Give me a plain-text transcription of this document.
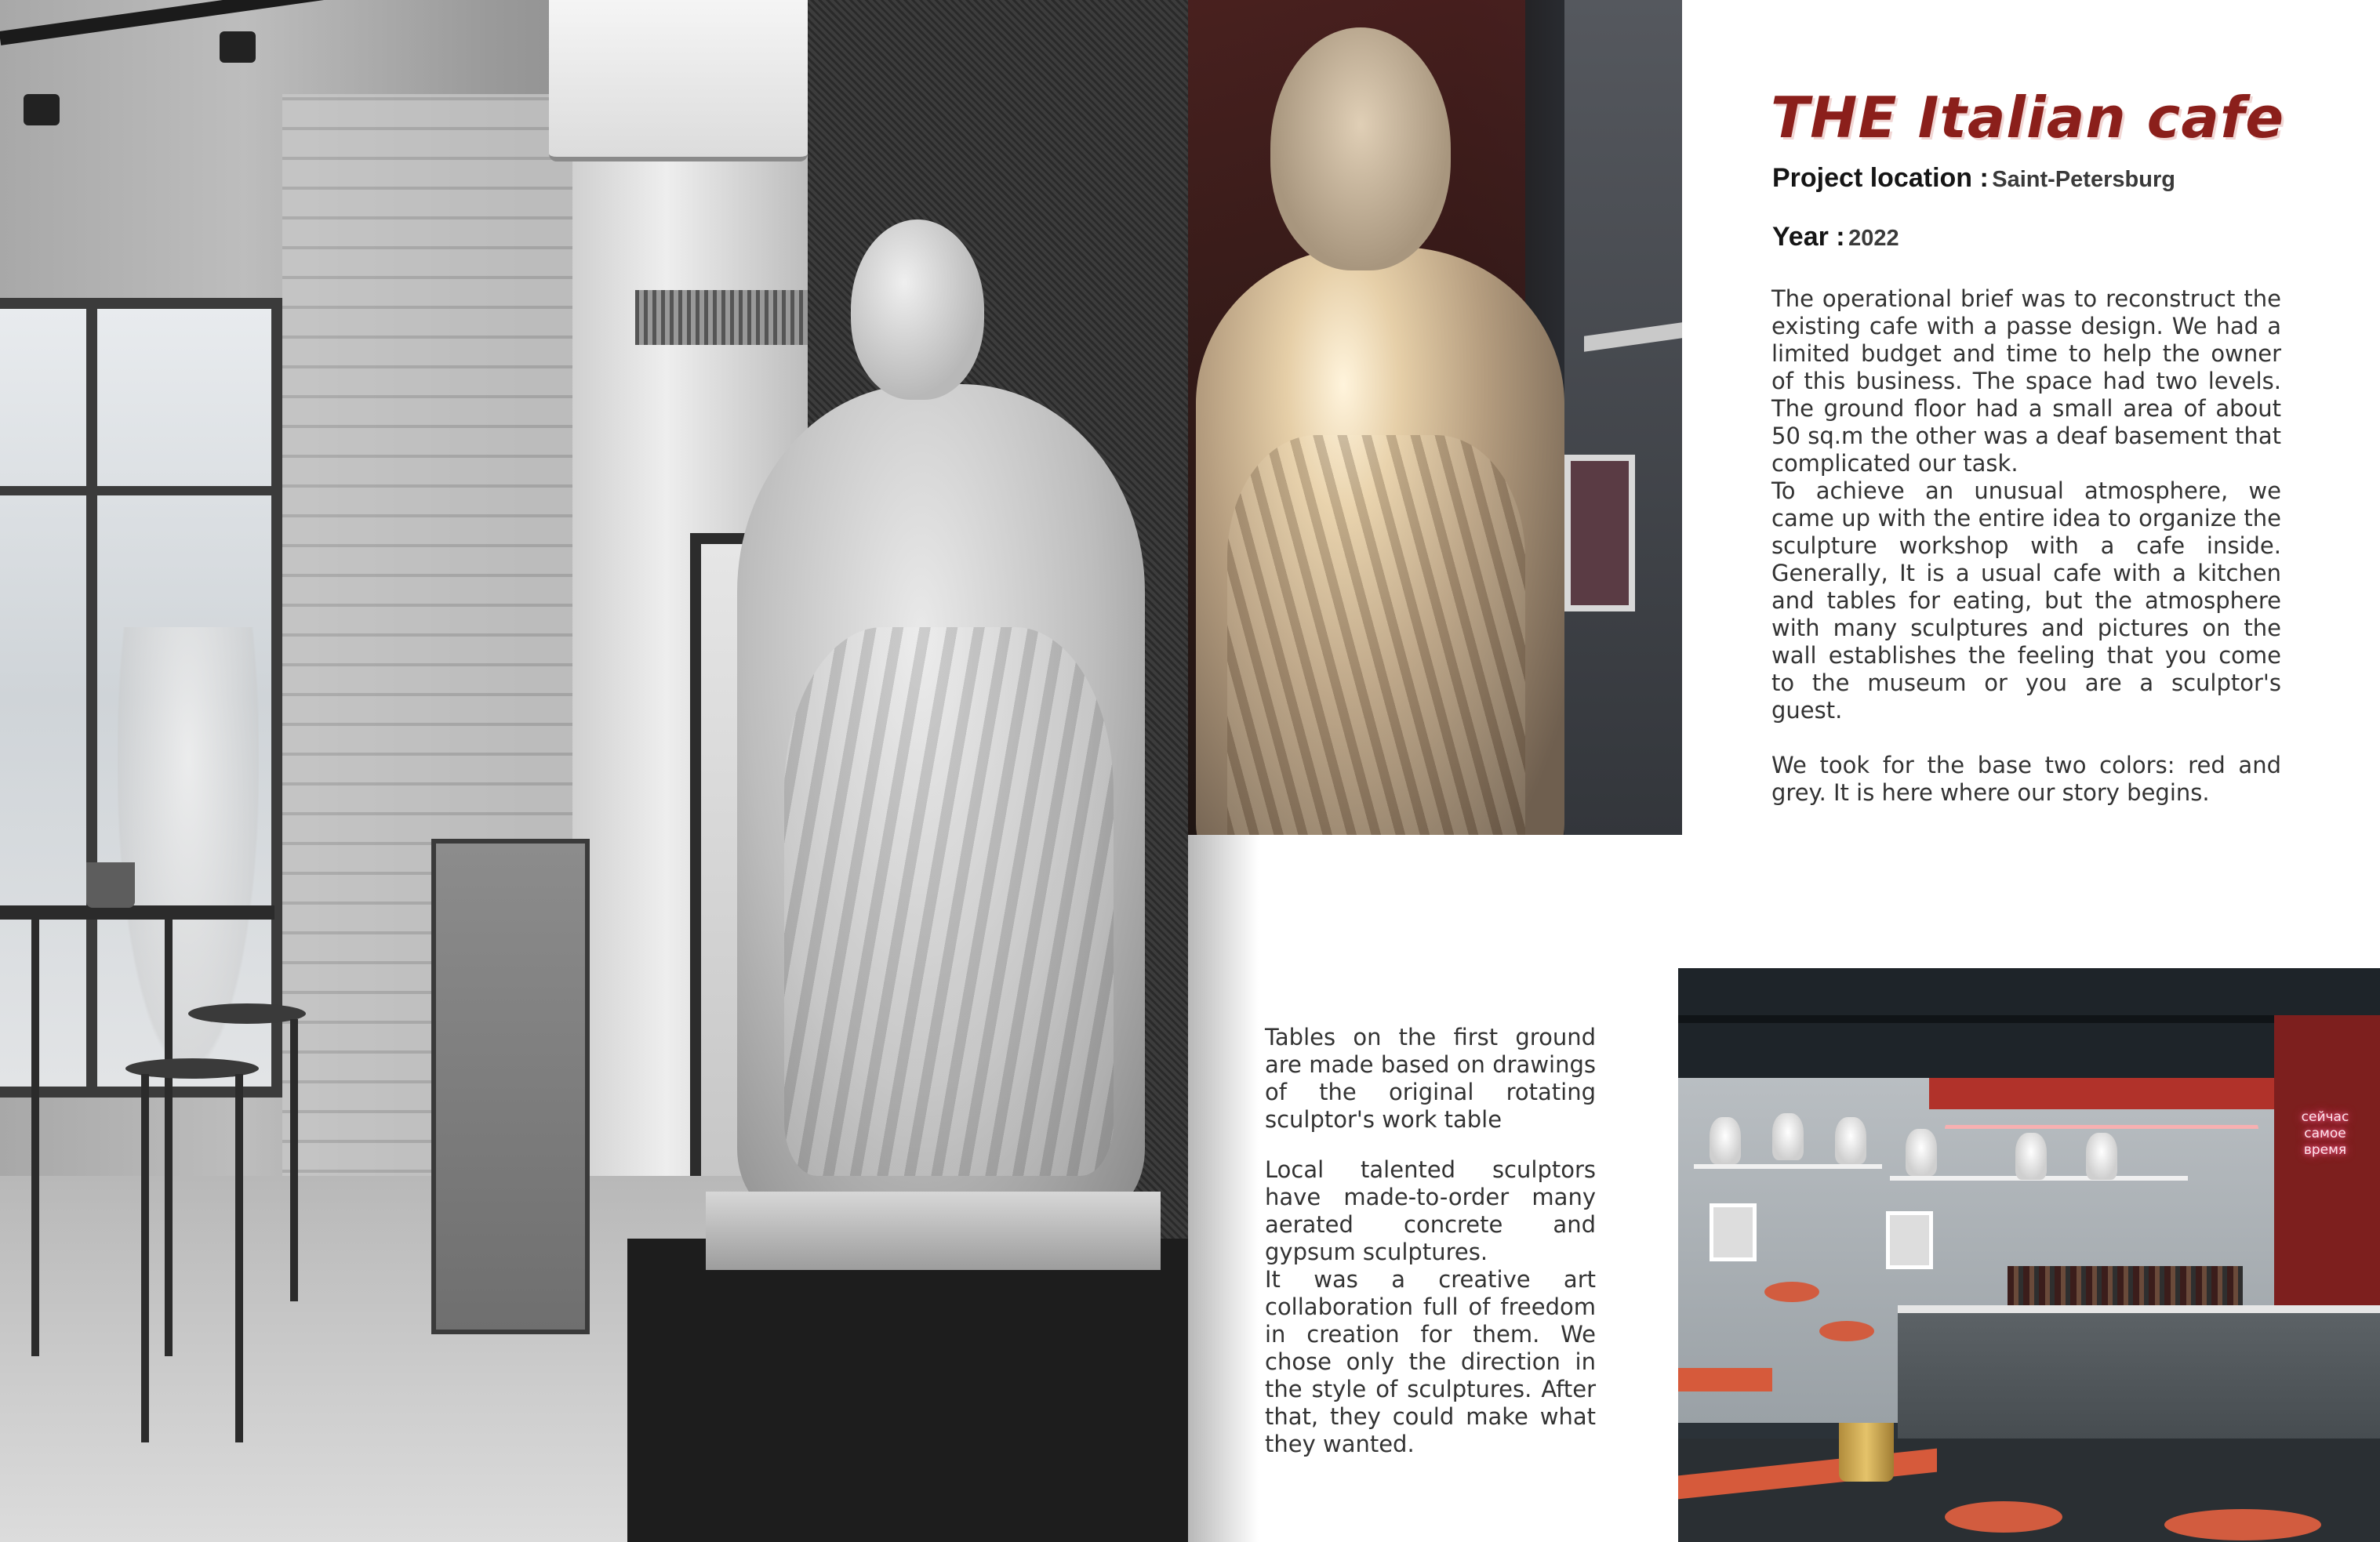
сейчас
самое
время
THE Italian cafe
Project location : Saint-Petersburg
Year : 2022

The operational brief was to reconstruct the existing cafe with a passe design. We had a limited budget and time to help the owner of this business. The space had two levels. The ground floor had a small area of about 50 sq.m the other was a deaf basement that complicated our task.

To achieve an unusual atmosphere, we came up with the entire idea to organize the sculpture workshop with a cafe inside. Generally, It is a usual cafe with a kitchen and tables for eating, but the atmosphere with many sculptures and pictures on the wall establishes the feeling that you come to the museum or you are a sculptor's guest.

We took for the base two colors: red and grey. It is here where our story begins.

Tables on the first ground are made based on drawings of the original rotating sculptor's work table

Local talented sculptors have made-to-order many aerated concrete and gypsum sculptures.

It was a creative art collaboration full of freedom in creation for them. We chose only the direction in the style of sculptures. After that, they could make what they wanted.
